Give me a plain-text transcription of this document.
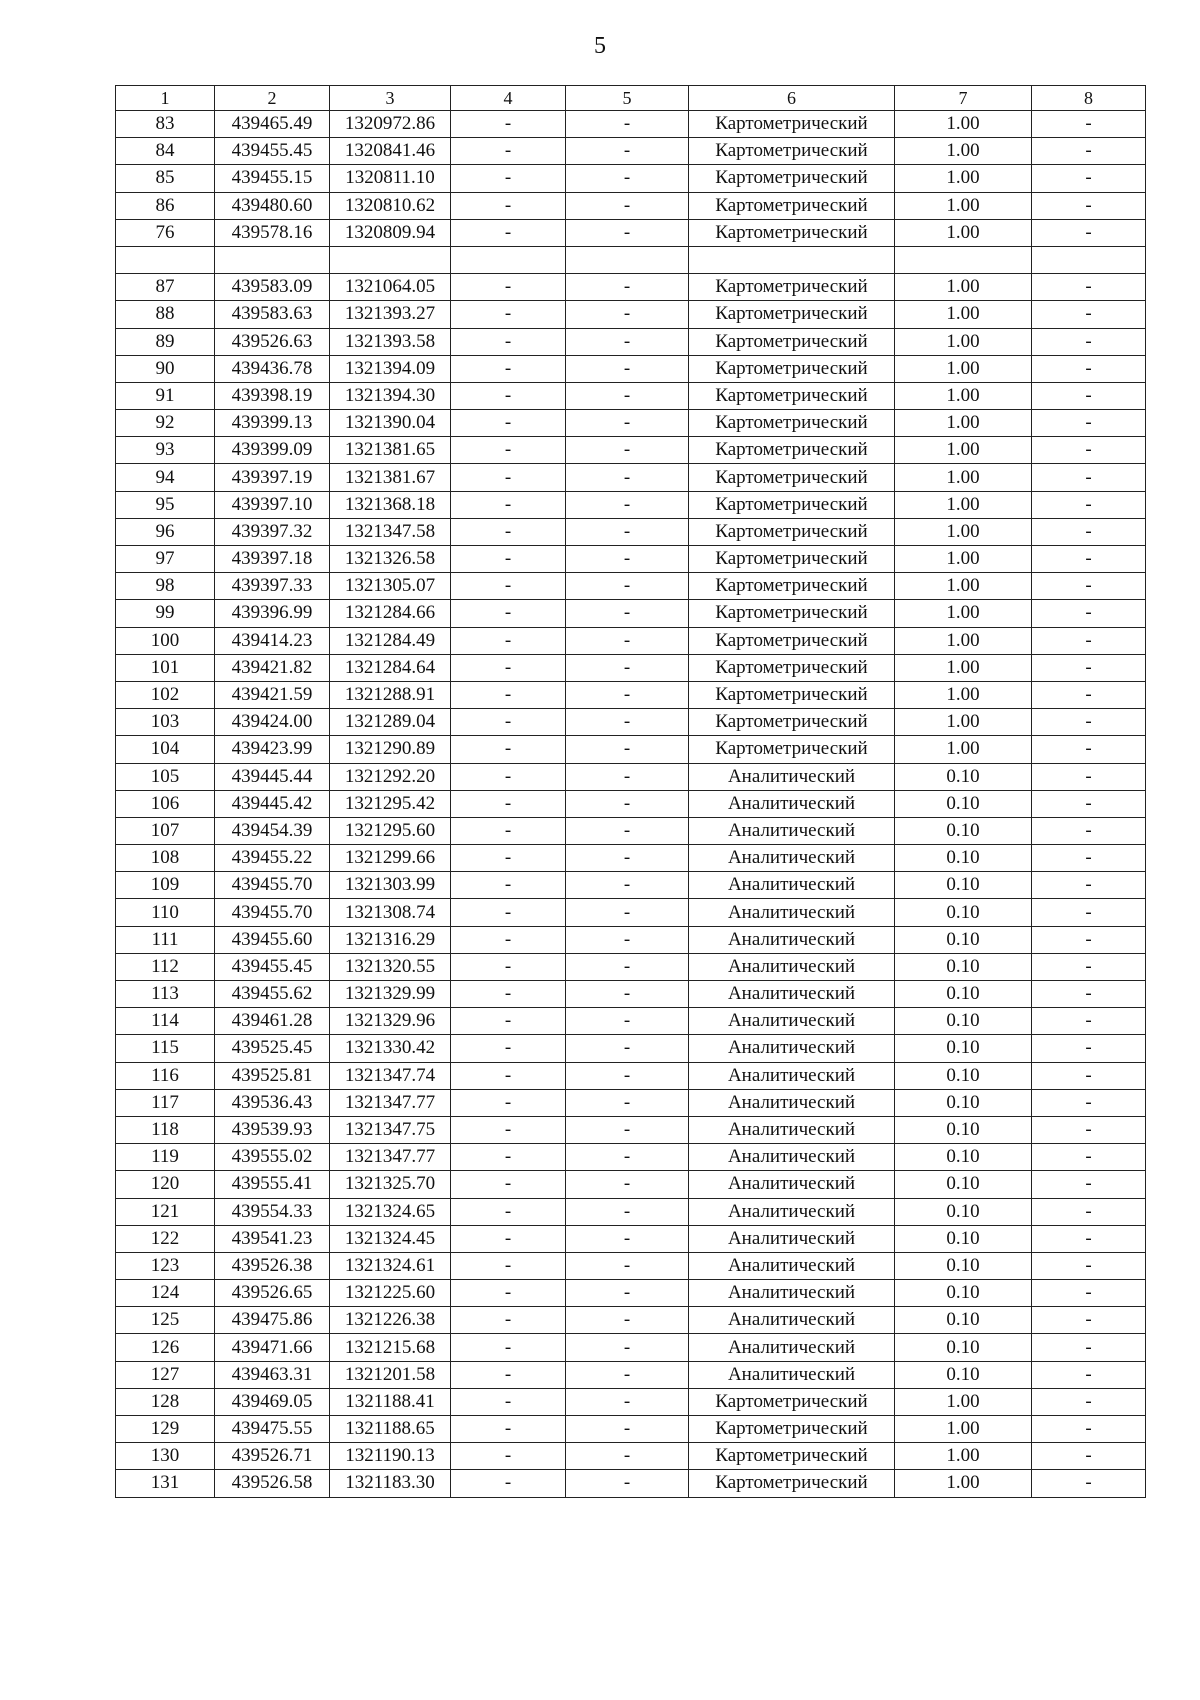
5
1	2	3	4	5	6	7	8
83	439465.49	1320972.86	-	-	Картометрический	1.00	-
84	439455.45	1320841.46	-	-	Картометрический	1.00	-
85	439455.15	1320811.10	-	-	Картометрический	1.00	-
86	439480.60	1320810.62	-	-	Картометрический	1.00	-
76	439578.16	1320809.94	-	-	Картометрический	1.00	-

87	439583.09	1321064.05	-	-	Картометрический	1.00	-
88	439583.63	1321393.27	-	-	Картометрический	1.00	-
89	439526.63	1321393.58	-	-	Картометрический	1.00	-
90	439436.78	1321394.09	-	-	Картометрический	1.00	-
91	439398.19	1321394.30	-	-	Картометрический	1.00	-
92	439399.13	1321390.04	-	-	Картометрический	1.00	-
93	439399.09	1321381.65	-	-	Картометрический	1.00	-
94	439397.19	1321381.67	-	-	Картометрический	1.00	-
95	439397.10	1321368.18	-	-	Картометрический	1.00	-
96	439397.32	1321347.58	-	-	Картометрический	1.00	-
97	439397.18	1321326.58	-	-	Картометрический	1.00	-
98	439397.33	1321305.07	-	-	Картометрический	1.00	-
99	439396.99	1321284.66	-	-	Картометрический	1.00	-
100	439414.23	1321284.49	-	-	Картометрический	1.00	-
101	439421.82	1321284.64	-	-	Картометрический	1.00	-
102	439421.59	1321288.91	-	-	Картометрический	1.00	-
103	439424.00	1321289.04	-	-	Картометрический	1.00	-
104	439423.99	1321290.89	-	-	Картометрический	1.00	-
105	439445.44	1321292.20	-	-	Аналитический	0.10	-
106	439445.42	1321295.42	-	-	Аналитический	0.10	-
107	439454.39	1321295.60	-	-	Аналитический	0.10	-
108	439455.22	1321299.66	-	-	Аналитический	0.10	-
109	439455.70	1321303.99	-	-	Аналитический	0.10	-
110	439455.70	1321308.74	-	-	Аналитический	0.10	-
111	439455.60	1321316.29	-	-	Аналитический	0.10	-
112	439455.45	1321320.55	-	-	Аналитический	0.10	-
113	439455.62	1321329.99	-	-	Аналитический	0.10	-
114	439461.28	1321329.96	-	-	Аналитический	0.10	-
115	439525.45	1321330.42	-	-	Аналитический	0.10	-
116	439525.81	1321347.74	-	-	Аналитический	0.10	-
117	439536.43	1321347.77	-	-	Аналитический	0.10	-
118	439539.93	1321347.75	-	-	Аналитический	0.10	-
119	439555.02	1321347.77	-	-	Аналитический	0.10	-
120	439555.41	1321325.70	-	-	Аналитический	0.10	-
121	439554.33	1321324.65	-	-	Аналитический	0.10	-
122	439541.23	1321324.45	-	-	Аналитический	0.10	-
123	439526.38	1321324.61	-	-	Аналитический	0.10	-
124	439526.65	1321225.60	-	-	Аналитический	0.10	-
125	439475.86	1321226.38	-	-	Аналитический	0.10	-
126	439471.66	1321215.68	-	-	Аналитический	0.10	-
127	439463.31	1321201.58	-	-	Аналитический	0.10	-
128	439469.05	1321188.41	-	-	Картометрический	1.00	-
129	439475.55	1321188.65	-	-	Картометрический	1.00	-
130	439526.71	1321190.13	-	-	Картометрический	1.00	-
131	439526.58	1321183.30	-	-	Картометрический	1.00	-
